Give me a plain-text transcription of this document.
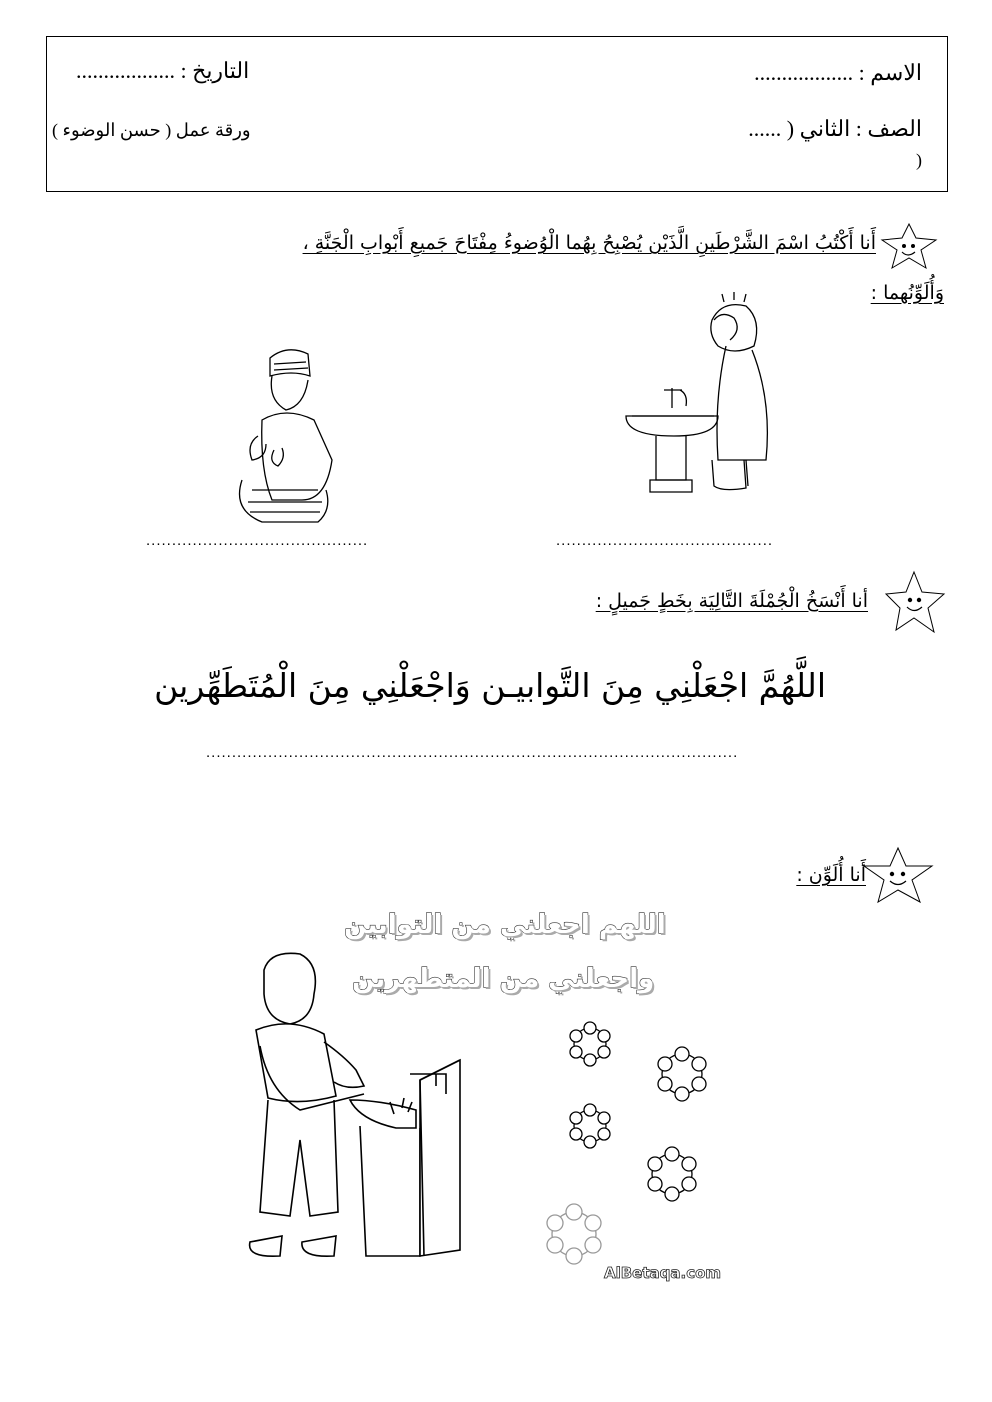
الاسم : ..................
التاريخ : ..................
الصف : الثاني ( ......
(
ورقة عمل ( حسن الوضوء )
أَنا أَكْتُبُ اسْمَ الشَّرْطَينِ الَّذَيْن يُصْبِحُ بِهُما الْوُضوءُ مِفْتَاحَ جَميعِ أَبْوابِ الْجَنَّةِ ،
وَأُلَوِّنُهما :
...........................................	..........................................
أنا أَنْسَخُ الْجُمْلَةَ التَّالِيَة بِخَطٍ جَميلٍ :
اللَّهُمَّ اجْعَلْنِي مِنَ التَّوابيـن وَاجْعَلْنِي مِنَ الْمُتَطَهِّرين
.......................................................................................................
أَنا أُلَوِّن :
اللهم اجعلني من التوابين
واجعلني من المتطهرين
AlBetaqa.com
